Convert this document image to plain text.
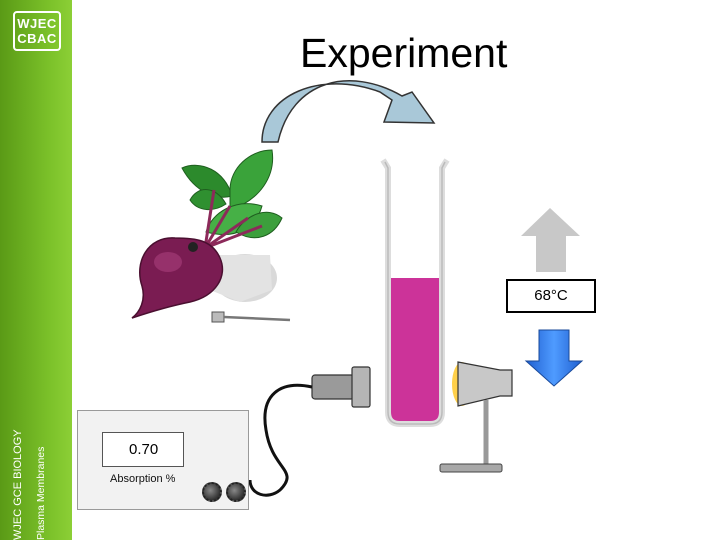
WJEC
CBAC
WJEC GCE BIOLOGY Plasma Membranes
Experiment
68°C
0.70
Absorption %
